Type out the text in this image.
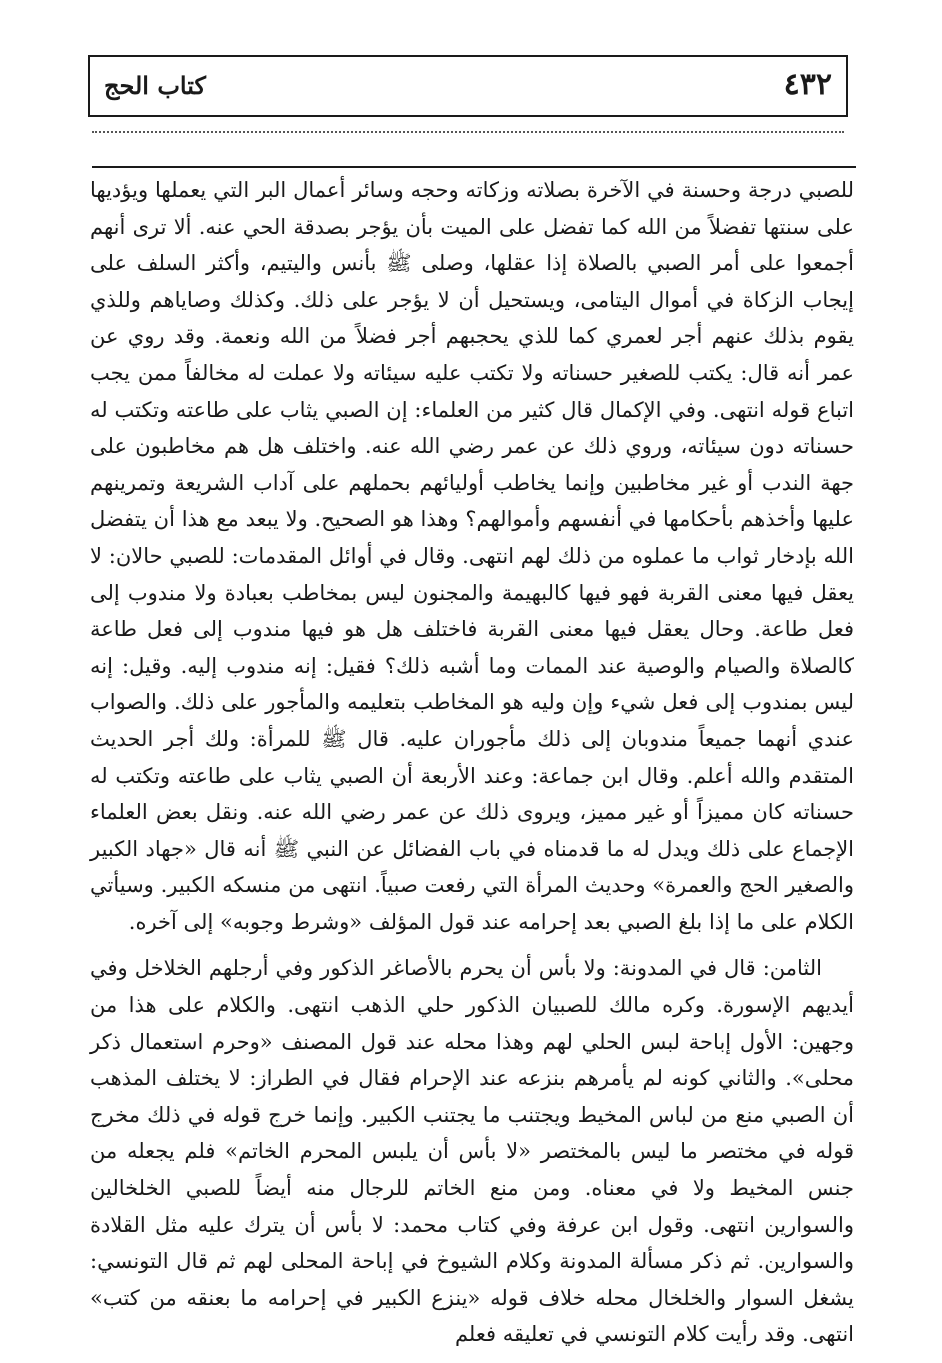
٤٣٢
كتاب الحج

للصبي درجة وحسنة في الآخرة بصلاته وزكاته وحجه وسائر أعمال البر التي يعملها ويؤديها على سنتها تفضلاً من الله كما تفضل على الميت بأن يؤجر بصدقة الحي عنه. ألا ترى أنهم أجمعوا على أمر الصبي بالصلاة إذا عقلها، وصلى ﷺ بأنس واليتيم، وأكثر السلف على إيجاب الزكاة في أموال اليتامى، ويستحيل أن لا يؤجر على ذلك. وكذلك وصاياهم وللذي يقوم بذلك عنهم أجر لعمري كما للذي يحجبهم أجر فضلاً من الله ونعمة. وقد روي عن عمر أنه قال: يكتب للصغير حسناته ولا تكتب عليه سيئاته ولا عملت له مخالفاً ممن يجب اتباع قوله انتهى. وفي الإكمال قال كثير من العلماء: إن الصبي يثاب على طاعته وتكتب له حسناته دون سيئاته، وروي ذلك عن عمر رضي الله عنه. واختلف هل هم مخاطبون على جهة الندب أو غير مخاطبين وإنما يخاطب أوليائهم بحملهم على آداب الشريعة وتمرينهم عليها وأخذهم بأحكامها في أنفسهم وأموالهم؟ وهذا هو الصحيح. ولا يبعد مع هذا أن يتفضل الله بإدخار ثواب ما عملوه من ذلك لهم انتهى. وقال في أوائل المقدمات: للصبي حالان: لا يعقل فيها معنى القربة فهو فيها كالبهيمة والمجنون ليس بمخاطب بعبادة ولا مندوب إلى فعل طاعة. وحال يعقل فيها معنى القربة فاختلف هل هو فيها مندوب إلى فعل طاعة كالصلاة والصيام والوصية عند الممات وما أشبه ذلك؟ فقيل: إنه مندوب إليه. وقيل: إنه ليس بمندوب إلى فعل شيء وإن وليه هو المخاطب بتعليمه والمأجور على ذلك. والصواب عندي أنهما جميعاً مندوبان إلى ذلك مأجوران عليه. قال ﷺ للمرأة: ولك أجر الحديث المتقدم والله أعلم. وقال ابن جماعة: وعند الأربعة أن الصبي يثاب على طاعته وتكتب له حسناته كان مميزاً أو غير مميز، ويروى ذلك عن عمر رضي الله عنه. ونقل بعض العلماء الإجماع على ذلك ويدل له ما قدمناه في باب الفضائل عن النبي ﷺ أنه قال «جهاد الكبير والصغير الحج والعمرة» وحديث المرأة التي رفعت صبياً. انتهى من منسكه الكبير. وسيأتي الكلام على ما إذا بلغ الصبي بعد إحرامه عند قول المؤلف «وشرط وجوبه» إلى آخره.

الثامن: قال في المدونة: ولا بأس أن يحرم بالأصاغر الذكور وفي أرجلهم الخلاخل وفي أيديهم الإسورة. وكره مالك للصبيان الذكور حلي الذهب انتهى. والكلام على هذا من وجهين: الأول إباحة لبس الحلي لهم وهذا محله عند قول المصنف «وحرم استعمال ذكر محلى». والثاني كونه لم يأمرهم بنزعه عند الإحرام فقال في الطراز: لا يختلف المذهب أن الصبي منع من لباس المخيط ويجتنب ما يجتنب الكبير. وإنما خرج قوله في ذلك مخرج قوله في مختصر ما ليس بالمختصر «لا بأس أن يلبس المحرم الخاتم» فلم يجعله من جنس المخيط ولا في معناه. ومن منع الخاتم للرجال منه أيضاً للصبي الخلخالين والسوارين انتهى. وقول ابن عرفة وفي كتاب محمد: لا بأس أن يترك عليه مثل القلادة والسوارين. ثم ذكر مسألة المدونة وكلام الشيوخ في إباحة المحلى لهم ثم قال التونسي: يشغل السوار والخلخال محله خلاف قوله «ينزع الكبير في إحرامه ما بعنقه من كتب» انتهى. وقد رأيت كلام التونسي في تعليقه فعلم
